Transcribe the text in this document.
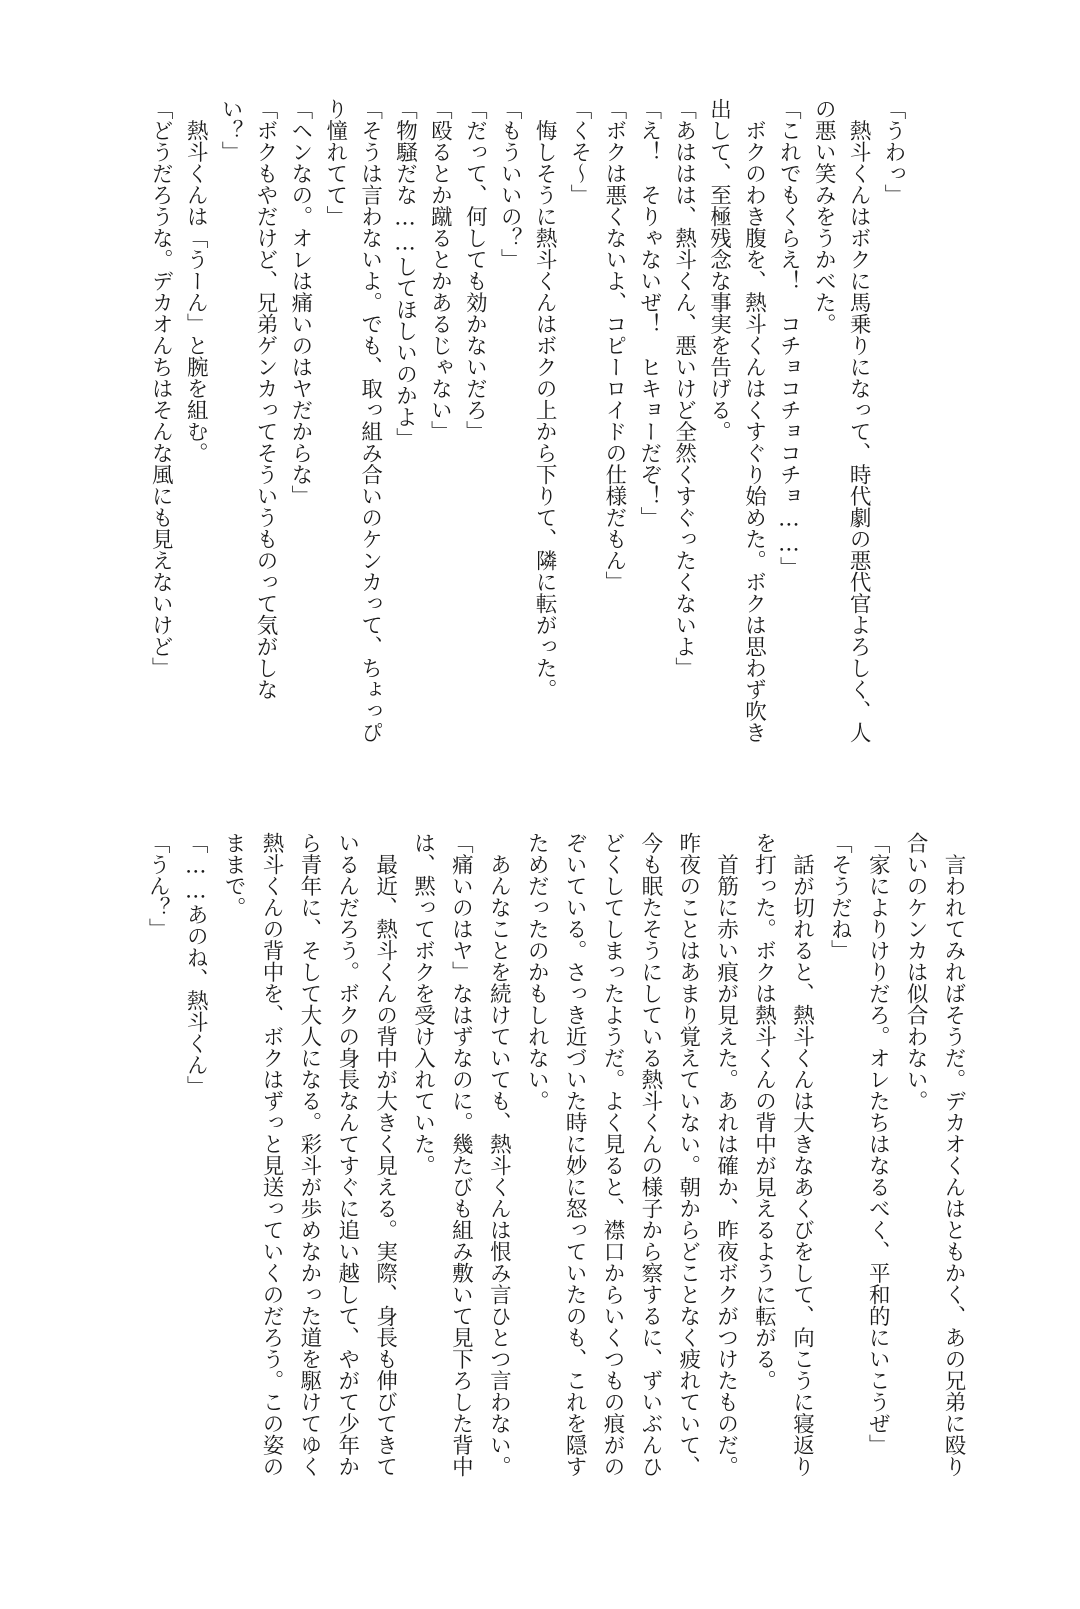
「うわっ」
　熱斗くんはボクに馬乗りになって、時代劇の悪代官よろしく、人
の悪い笑みをうかべた。
「これでもくらえ！　コチョコチョコチョ……」
　ボクのわき腹を、熱斗くんはくすぐり始めた。ボクは思わず吹き
出して、至極残念な事実を告げる。
「あははは、熱斗くん、悪いけど全然くすぐったくないよ」
「え！　そりゃないぜ！　ヒキョーだぞ！」
「ボクは悪くないよ、コピーロイドの仕様だもん」
「くそ～」
　悔しそうに熱斗くんはボクの上から下りて、隣に転がった。
「もういいの？」
「だって、何しても効かないだろ」
「殴るとか蹴るとかあるじゃない」
「物騒だな……してほしいのかよ」
「そうは言わないよ。でも、取っ組み合いのケンカって、ちょっぴ
り憧れてて」
「ヘンなの。オレは痛いのはヤだからな」
「ボクもやだけど、兄弟ゲンカってそういうものって気がしな
い？」
　熱斗くんは「うーん」と腕を組む。
「どうだろうな。デカオんちはそんな風にも見えないけど」
　言われてみればそうだ。デカオくんはともかく、あの兄弟に殴り
合いのケンカは似合わない。
「家によりけりだろ。オレたちはなるべく、平和的にいこうぜ」
「そうだね」
　話が切れると、熱斗くんは大きなあくびをして、向こうに寝返り
を打った。ボクは熱斗くんの背中が見えるように転がる。
　首筋に赤い痕が見えた。あれは確か、昨夜ボクがつけたものだ。
昨夜のことはあまり覚えていない。朝からどことなく疲れていて、
今も眠たそうにしている熱斗くんの様子から察するに、ずいぶんひ
どくしてしまったようだ。よく見ると、襟口からいくつもの痕がの
ぞいている。さっき近づいた時に妙に怒っていたのも、これを隠す
ためだったのかもしれない。
　あんなことを続けていても、熱斗くんは恨み言ひとつ言わない。
「痛いのはヤ」なはずなのに。幾たびも組み敷いて見下ろした背中
は、黙ってボクを受け入れていた。
　最近、熱斗くんの背中が大きく見える。実際、身長も伸びてきて
いるんだろう。ボクの身長なんてすぐに追い越して、やがて少年か
ら青年に、そして大人になる。彩斗が歩めなかった道を駆けてゆく
熱斗くんの背中を、ボクはずっと見送っていくのだろう。この姿の
ままで。
「……あのね、熱斗くん」
「うん？」
